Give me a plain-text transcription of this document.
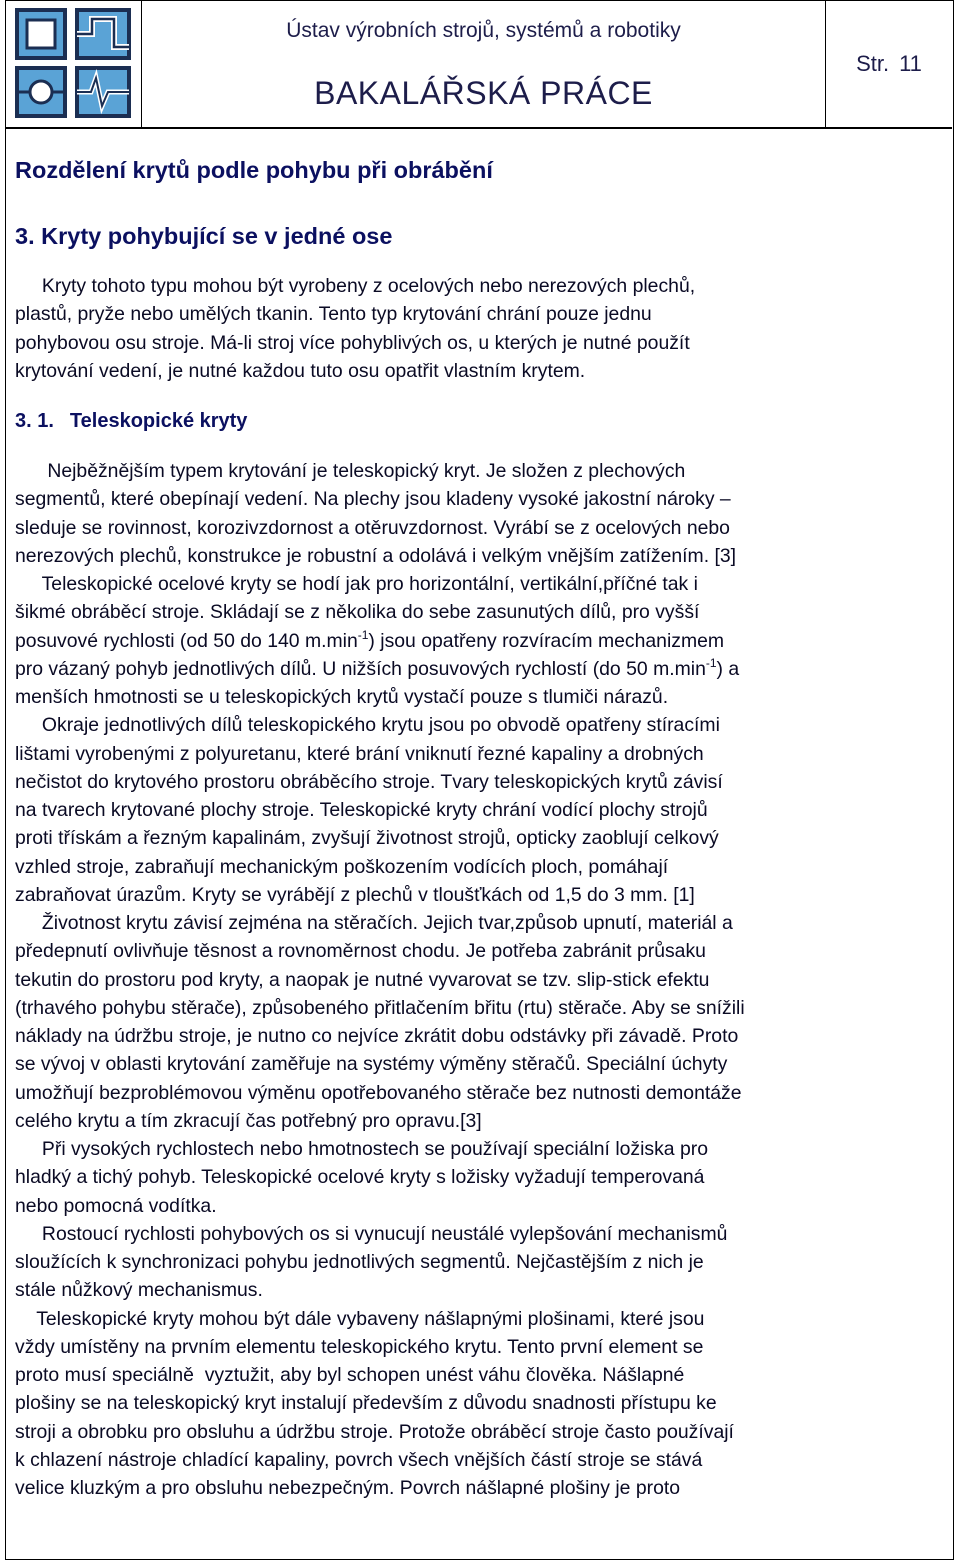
Ústav výrobních strojů, systémů a robotiky
BAKALÁŘSKÁ PRÁCE
Str. 11
Rozdělení krytů podle pohybu při obrábění
3. Kryty pohybující se v jedné ose
Kryty tohoto typu mohou být vyrobeny z ocelových nebo nerezových plechů,
plastů, pryže nebo umělých tkanin. Tento typ krytování chrání pouze jednu
pohybovou osu stroje. Má-li stroj více pohyblivých os, u kterých je nutné použít
krytování vedení, je nutné každou tuto osu opatřit vlastním krytem.
3. 1. Teleskopické kryty
Nejběžnějším typem krytování je teleskopický kryt. Je složen z plechových
segmentů, které obepínají vedení. Na plechy jsou kladeny vysoké jakostní nároky –
sleduje se rovinnost, korozivzdornost a otěruvzdornost. Vyrábí se z ocelových nebo
nerezových plechů, konstrukce je robustní a odolává i velkým vnějším zatížením. [3]
Teleskopické ocelové kryty se hodí jak pro horizontální, vertikální,příčné tak i
šikmé obráběcí stroje. Skládají se z několika do sebe zasunutých dílů, pro vyšší
posuvové rychlosti (od 50 do 140 $m.\min^{-1}$) jsou opatřeny rozvíracím mechanizmem
pro vázaný pohyb jednotlivých dílů. U nižších posuvových rychlostí (do 50 $m.\min^{-1}$) a
menších hmotnosti se u teleskopických krytů vystačí pouze s tlumiči nárazů.
Okraje jednotlivých dílů teleskopického krytu jsou po obvodě opatřeny stíracími
lištami vyrobenými z polyuretanu, které brání vniknutí řezné kapaliny a drobných
nečistot do krytového prostoru obráběcího stroje. Tvary teleskopických krytů závisí
na tvarech krytované plochy stroje. Teleskopické kryty chrání vodící plochy strojů
proti třískám a řezným kapalinám, zvyšují životnost strojů, opticky zaoblují celkový
vzhled stroje, zabraňují mechanickým poškozením vodících ploch, pomáhají
zabraňovat úrazům. Kryty se vyrábějí z plechů v tloušťkách od 1,5 do 3 mm. [1]
Životnost krytu závisí zejména na stěračích. Jejich tvar,způsob upnutí, materiál a
předepnutí ovlivňuje těsnost a rovnoměrnost chodu. Je potřeba zabránit průsaku
tekutin do prostoru pod kryty, a naopak je nutné vyvarovat se tzv. slip-stick efektu
(trhavého pohybu stěrače), způsobeného přitlačením břitu (rtu) stěrače. Aby se snížili
náklady na údržbu stroje, je nutno co nejvíce zkrátit dobu odstávky při závadě. Proto
se vývoj v oblasti krytování zaměřuje na systémy výměny stěračů. Speciální úchyty
umožňují bezproblémovou výměnu opotřebovaného stěrače bez nutnosti demontáže
celého krytu a tím zkracují čas potřebný pro opravu.[3]
Při vysokých rychlostech nebo hmotnostech se používají speciální ložiska pro
hladký a tichý pohyb. Teleskopické ocelové kryty s ložisky vyžadují temperovaná
nebo pomocná vodítka.
Rostoucí rychlosti pohybových os si vynucují neustálé vylepšování mechanismů
sloužících k synchronizaci pohybu jednotlivých segmentů. Nejčastějším z nich je
stále nůžkový mechanismus.
Teleskopické kryty mohou být dále vybaveny nášlapnými plošinami, které jsou
vždy umístěny na prvním elementu teleskopického krytu. Tento první element se
proto musí speciálně  vyztužit, aby byl schopen unést váhu člověka. Nášlapné
plošiny se na teleskopický kryt instalují především z důvodu snadnosti přístupu ke
stroji a obrobku pro obsluhu a údržbu stroje. Protože obráběcí stroje často používají
k chlazení nástroje chladící kapaliny, povrch všech vnějších částí stroje se stává
velice kluzkým a pro obsluhu nebezpečným. Povrch nášlapné plošiny je proto
